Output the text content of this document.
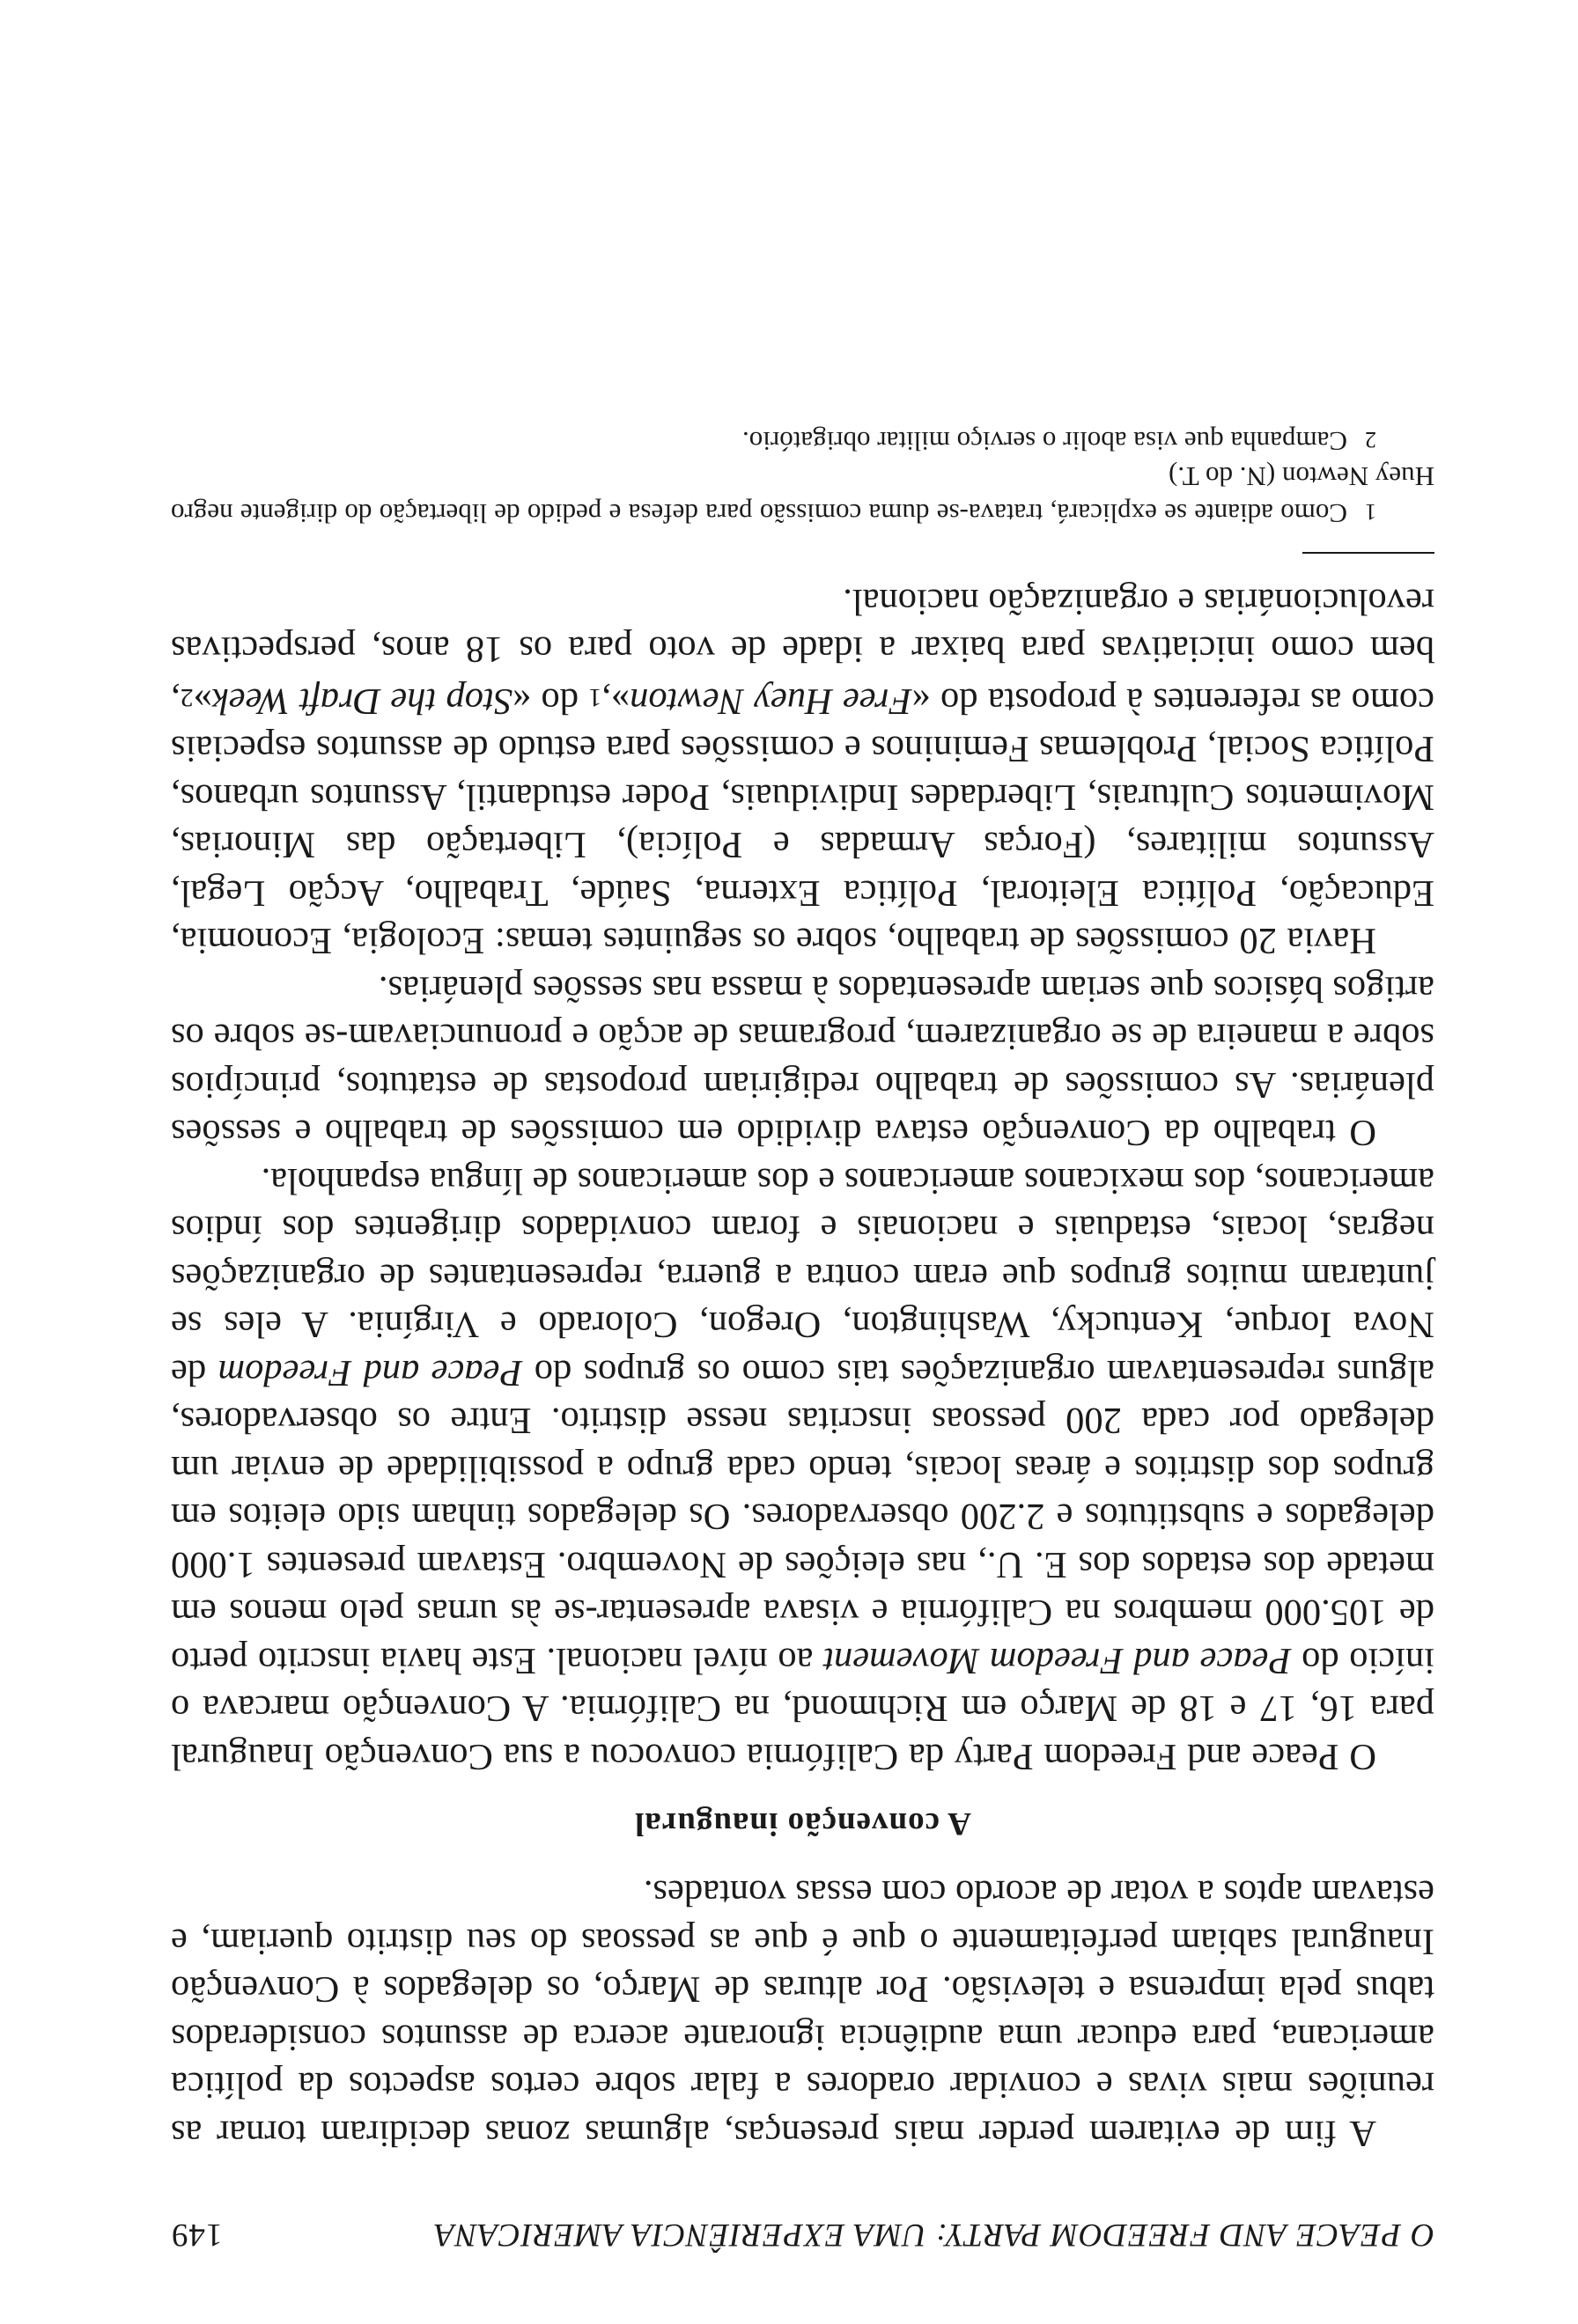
O PEACE AND FREEDOM PARTY: UMA EXPERIÊNCIA AMERICANA
149

A fim de evitarem perder mais presenças, algumas zonas decidiram tornar as reuniões mais vivas e convidar oradores a falar sobre certos aspectos da política americana, para educar uma audiência ignorante acerca de assuntos considerados tabus pela imprensa e televisão. Por alturas de Março, os delegados à Convenção Inaugural sabiam perfeitamente o que é que as pessoas do seu distrito queriam, e estavam aptos a votar de acordo com essas vontades.

A convenção inaugural

O Peace and Freedom Party da Califórnia convocou a sua Convenção Inaugural para 16, 17 e 18 de Março em Richmond, na Califórnia. A Convenção marcava o início do Peace and Freedom Movement ao nível nacional. Este havia inscrito perto de 105.000 membros na Califórnia e visava apresentar-se às urnas pelo menos em metade dos estados dos E. U., nas eleições de Novembro. Estavam presentes 1.000 delegados e substitutos e 2.200 observadores. Os delegados tinham sido eleitos em grupos dos distritos e áreas locais, tendo cada grupo a possibilidade de enviar um delegado por cada 200 pessoas inscritas nesse distrito. Entre os observadores, alguns representavam organizações tais como os grupos do Peace and Freedom de Nova Iorque, Kentucky, Washington, Oregon, Colorado e Virgínia. A eles se juntaram muitos grupos que eram contra a guerra, representantes de organizações negras, locais, estaduais e nacionais e foram convidados dirigentes dos índios americanos, dos mexicanos americanos e dos americanos de língua espanhola.

O trabalho da Convenção estava dividido em comissões de trabalho e sessões plenárias. As comissões de trabalho redigiriam propostas de estatutos, princípios sobre a maneira de se organizarem, programas de acção e pronunciavam-se sobre os artigos básicos que seriam apresentados à massa nas sessões plenárias.

Havia 20 comissões de trabalho, sobre os seguintes temas: Ecologia, Economia, Educação, Política Eleitoral, Política Externa, Saúde, Trabalho, Acção Legal, Assuntos militares, (Forças Armadas e Polícia), Libertação das Minorias, Movimentos Culturais, Liberdades Individuais, Poder estudantil, Assuntos urbanos, Política Social, Problemas Femininos e comissões para estudo de assuntos especiais como as referentes à proposta do «Free Huey Newton»,1 do «Stop the Draft Week»2, bem como iniciativas para baixar a idade de voto para os 18 anos, perspectivas revolucionárias e organização nacional.

1Como adiante se explicará, tratava-se duma comissão para defesa e pedido de libertação do dirigente negro Huey Newton (N. do T.)

2Campanha que visa abolir o serviço militar obrigatório.
